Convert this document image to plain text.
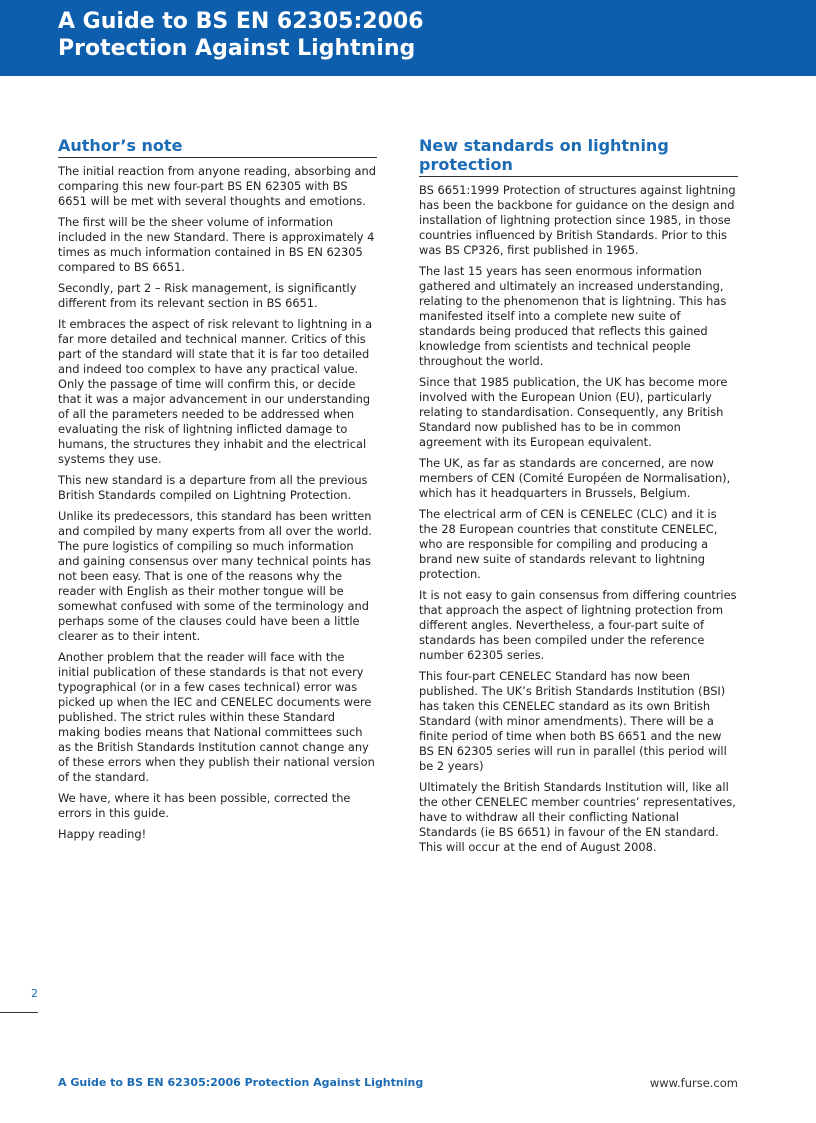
A Guide to BS EN 62305:2006
Protection Against Lightning
Author’s note

The initial reaction from anyone reading, absorbing and comparing this new four-part BS EN 62305 with BS 6651 will be met with several thoughts and emotions.

The first will be the sheer volume of information included in the new Standard. There is approximately 4 times as much information contained in BS EN 62305 compared to BS 6651.

Secondly, part 2 – Risk management, is significantly different from its relevant section in BS 6651.

It embraces the aspect of risk relevant to lightning in a far more detailed and technical manner. Critics of this part of the standard will state that it is far too detailed and indeed too complex to have any practical value. Only the passage of time will confirm this, or decide that it was a major advancement in our understanding of all the parameters needed to be addressed when evaluating the risk of lightning inflicted damage to humans, the structures they inhabit and the electrical systems they use.

This new standard is a departure from all the previous British Standards compiled on Lightning Protection.

Unlike its predecessors, this standard has been written and compiled by many experts from all over the world. The pure logistics of compiling so much information and gaining consensus over many technical points has not been easy. That is one of the reasons why the reader with English as their mother tongue will be somewhat confused with some of the terminology and perhaps some of the clauses could have been a little clearer as to their intent.

Another problem that the reader will face with the initial publication of these standards is that not every typographical (or in a few cases technical) error was picked up when the IEC and CENELEC documents were published. The strict rules within these Standard making bodies means that National committees such as the British Standards Institution cannot change any of these errors when they publish their national version of the standard.

We have, where it has been possible, corrected the errors in this guide.

Happy reading!

New standards on lightning protection

BS 6651:1999 Protection of structures against lightning has been the backbone for guidance on the design and installation of lightning protection since 1985, in those countries influenced by British Standards. Prior to this was BS CP326, first published in 1965.

The last 15 years has seen enormous information gathered and ultimately an increased understanding, relating to the phenomenon that is lightning. This has manifested itself into a complete new suite of standards being produced that reflects this gained knowledge from scientists and technical people throughout the world.

Since that 1985 publication, the UK has become more involved with the European Union (EU), particularly relating to standardisation. Consequently, any British Standard now published has to be in common agreement with its European equivalent.

The UK, as far as standards are concerned, are now members of CEN (Comité Européen de Normalisation), which has it headquarters in Brussels, Belgium.

The electrical arm of CEN is CENELEC (CLC) and it is the 28 European countries that constitute CENELEC, who are responsible for compiling and producing a brand new suite of standards relevant to lightning protection.

It is not easy to gain consensus from differing countries that approach the aspect of lightning protection from different angles. Nevertheless, a four-part suite of standards has been compiled under the reference number 62305 series.

This four-part CENELEC Standard has now been published. The UK’s British Standards Institution (BSI) has taken this CENELEC standard as its own British Standard (with minor amendments). There will be a finite period of time when both BS 6651 and the new BS EN 62305 series will run in parallel (this period will be 2 years)

Ultimately the British Standards Institution will, like all the other CENELEC member countries’ representatives, have to withdraw all their conflicting National Standards (ie BS 6651) in favour of the EN standard. This will occur at the end of August 2008.

2
A Guide to BS EN 62305:2006 Protection Against Lightning	www.furse.com
